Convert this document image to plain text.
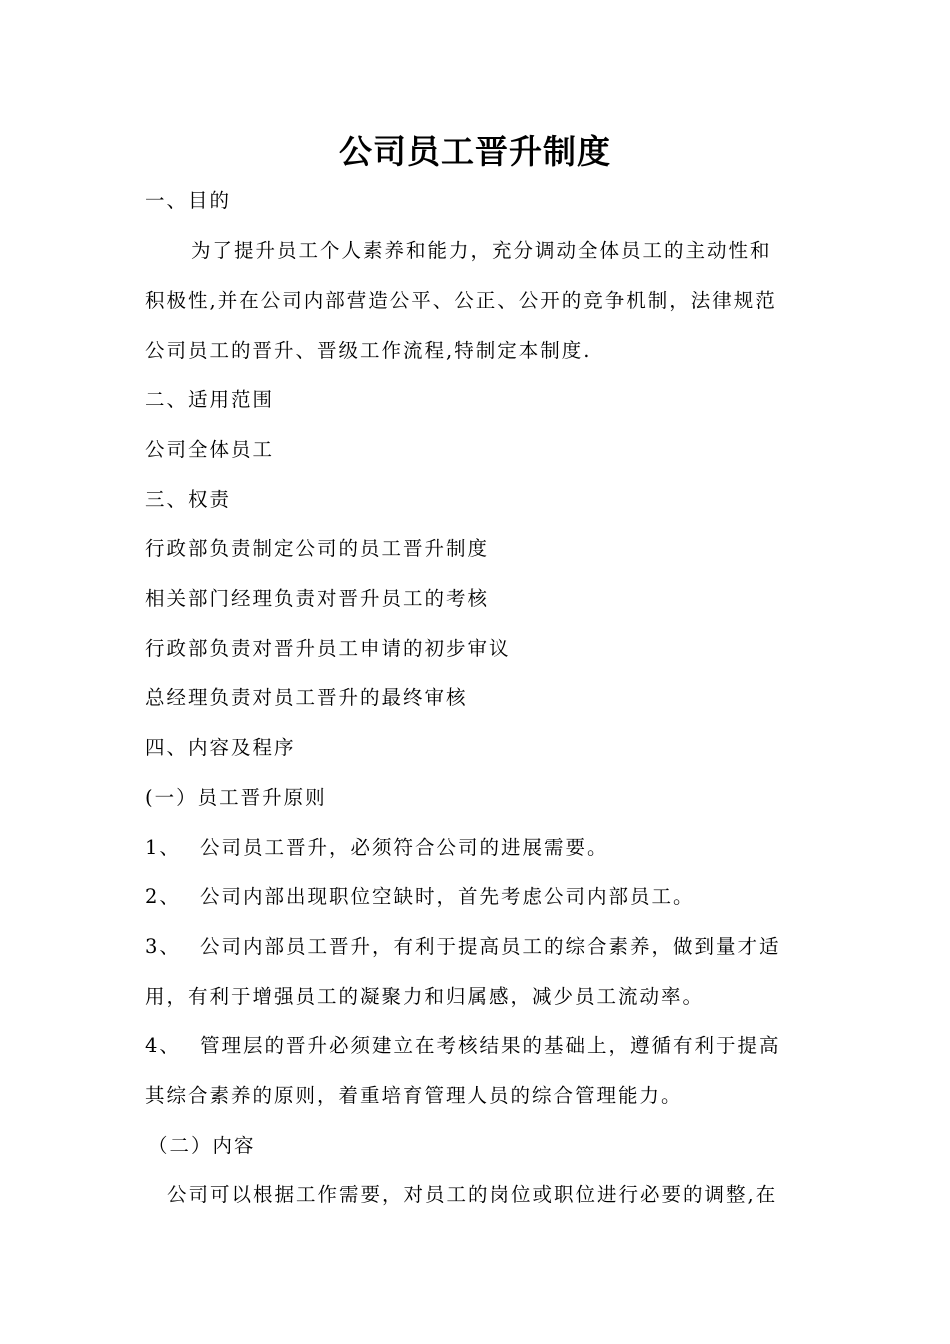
公司员工晋升制度
一、目的
为了提升员工个人素养和能力，充分调动全体员工的主动性和
积极性,并在公司内部营造公平、公正、公开的竞争机制，法律规范
公司员工的晋升、晋级工作流程,特制定本制度.
二、适用范围
公司全体员工
三、权责
行政部负责制定公司的员工晋升制度
相关部门经理负责对晋升员工的考核
行政部负责对晋升员工申请的初步审议
总经理负责对员工晋升的最终审核
四、内容及程序
(一）员工晋升原则
1、 公司员工晋升，必须符合公司的进展需要。
2、 公司内部出现职位空缺时，首先考虑公司内部员工。
3、 公司内部员工晋升，有利于提高员工的综合素养，做到量才适
用，有利于增强员工的凝聚力和归属感，减少员工流动率。
4、 管理层的晋升必须建立在考核结果的基础上，遵循有利于提高
其综合素养的原则，着重培育管理人员的综合管理能力。
（二）内容
公司可以根据工作需要，对员工的岗位或职位进行必要的调整,在
